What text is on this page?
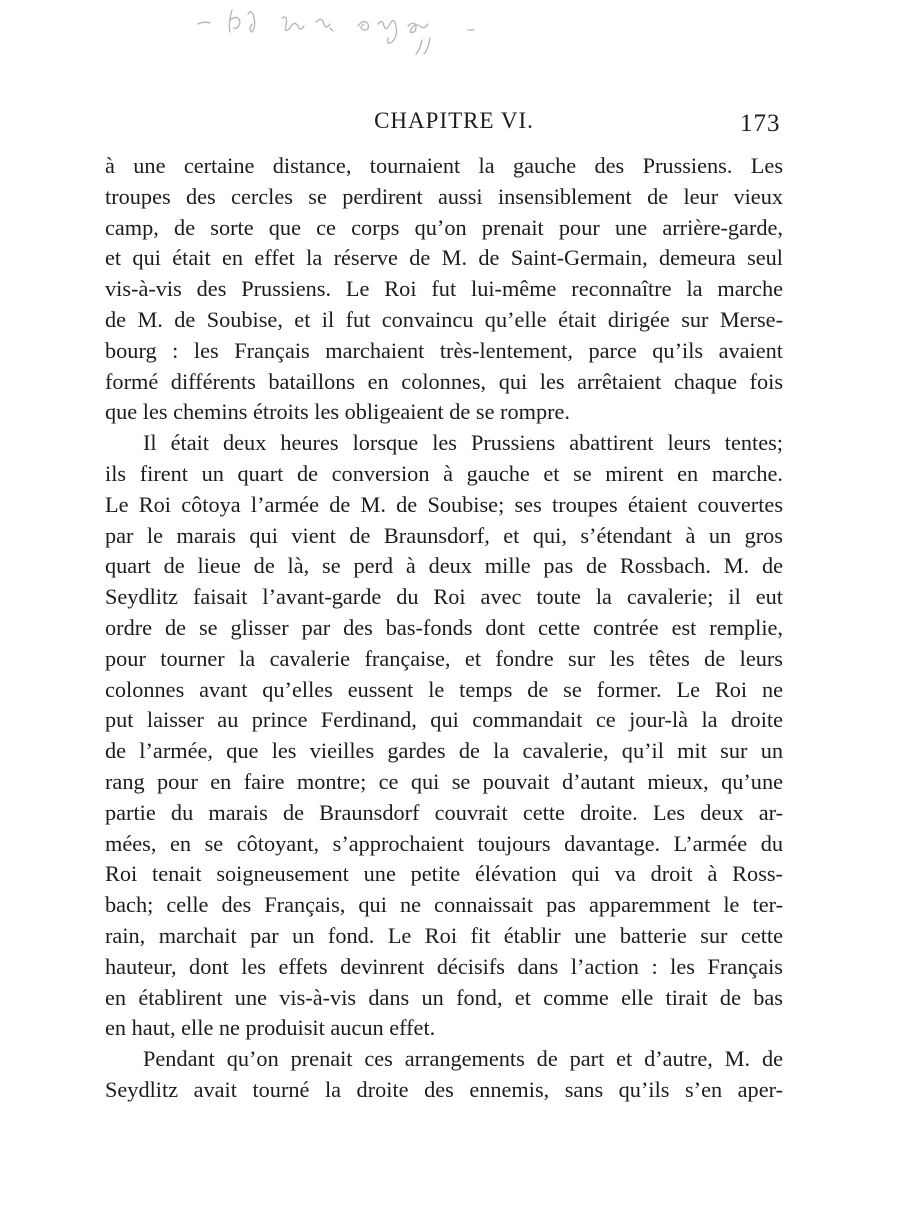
CHAPITRE VI.	173
à une certaine distance, tournaient la gauche des Prussiens. Les
troupes des cercles se perdirent aussi insensiblement de leur vieux
camp, de sorte que ce corps qu’on prenait pour une arrière-garde,
et qui était en effet la réserve de M. de Saint-Germain, demeura seul
vis-à-vis des Prussiens. Le Roi fut lui-même reconnaître la marche
de M. de Soubise, et il fut convaincu qu’elle était dirigée sur Merse-
bourg : les Français marchaient très-lentement, parce qu’ils avaient
formé différents bataillons en colonnes, qui les arrêtaient chaque fois
que les chemins étroits les obligeaient de se rompre.
Il était deux heures lorsque les Prussiens abattirent leurs tentes;
ils firent un quart de conversion à gauche et se mirent en marche.
Le Roi côtoya l’armée de M. de Soubise; ses troupes étaient couvertes
par le marais qui vient de Braunsdorf, et qui, s’étendant à un gros
quart de lieue de là, se perd à deux mille pas de Rossbach. M. de
Seydlitz faisait l’avant-garde du Roi avec toute la cavalerie; il eut
ordre de se glisser par des bas-fonds dont cette contrée est remplie,
pour tourner la cavalerie française, et fondre sur les têtes de leurs
colonnes avant qu’elles eussent le temps de se former. Le Roi ne
put laisser au prince Ferdinand, qui commandait ce jour-là la droite
de l’armée, que les vieilles gardes de la cavalerie, qu’il mit sur un
rang pour en faire montre; ce qui se pouvait d’autant mieux, qu’une
partie du marais de Braunsdorf couvrait cette droite. Les deux ar-
mées, en se côtoyant, s’approchaient toujours davantage. L’armée du
Roi tenait soigneusement une petite élévation qui va droit à Ross-
bach; celle des Français, qui ne connaissait pas apparemment le ter-
rain, marchait par un fond. Le Roi fit établir une batterie sur cette
hauteur, dont les effets devinrent décisifs dans l’action : les Français
en établirent une vis-à-vis dans un fond, et comme elle tirait de bas
en haut, elle ne produisit aucun effet.
Pendant qu’on prenait ces arrangements de part et d’autre, M. de
Seydlitz avait tourné la droite des ennemis, sans qu’ils s’en aper-
